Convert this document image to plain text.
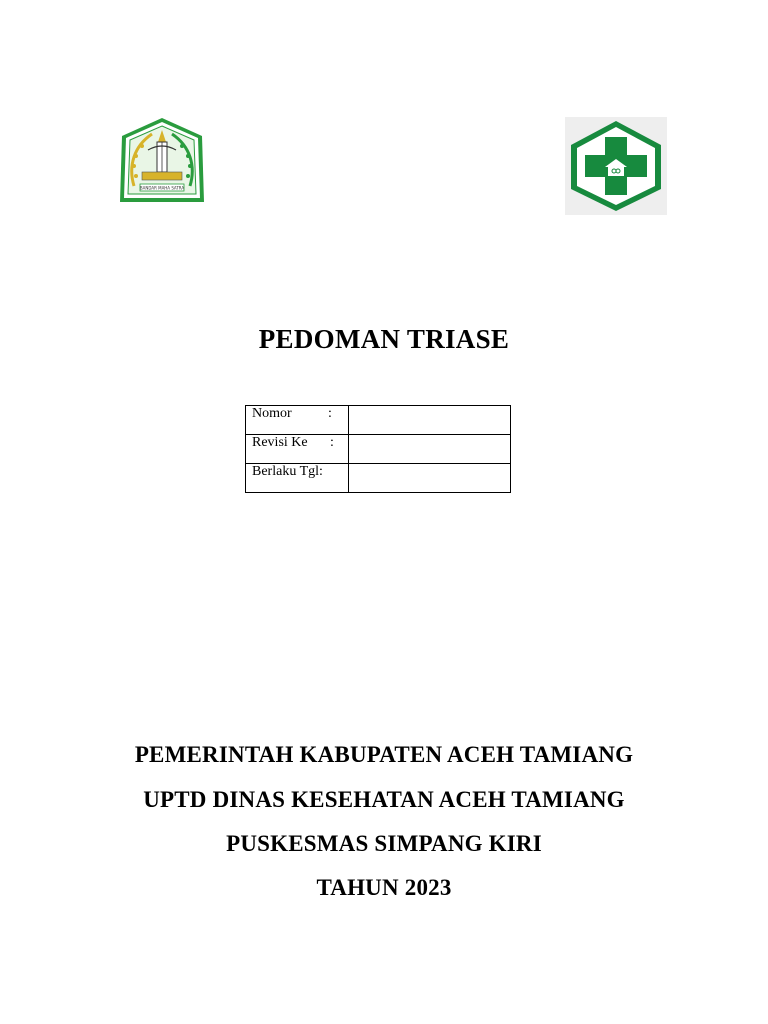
BANDAR MAHA SATRA
PEDOMAN TRIASE
Nomor :	

Revisi Ke :	

Berlaku Tgl:	
PEMERINTAH KABUPATEN ACEH TAMIANG
UPTD DINAS KESEHATAN ACEH TAMIANG
PUSKESMAS SIMPANG KIRI
TAHUN 2023
